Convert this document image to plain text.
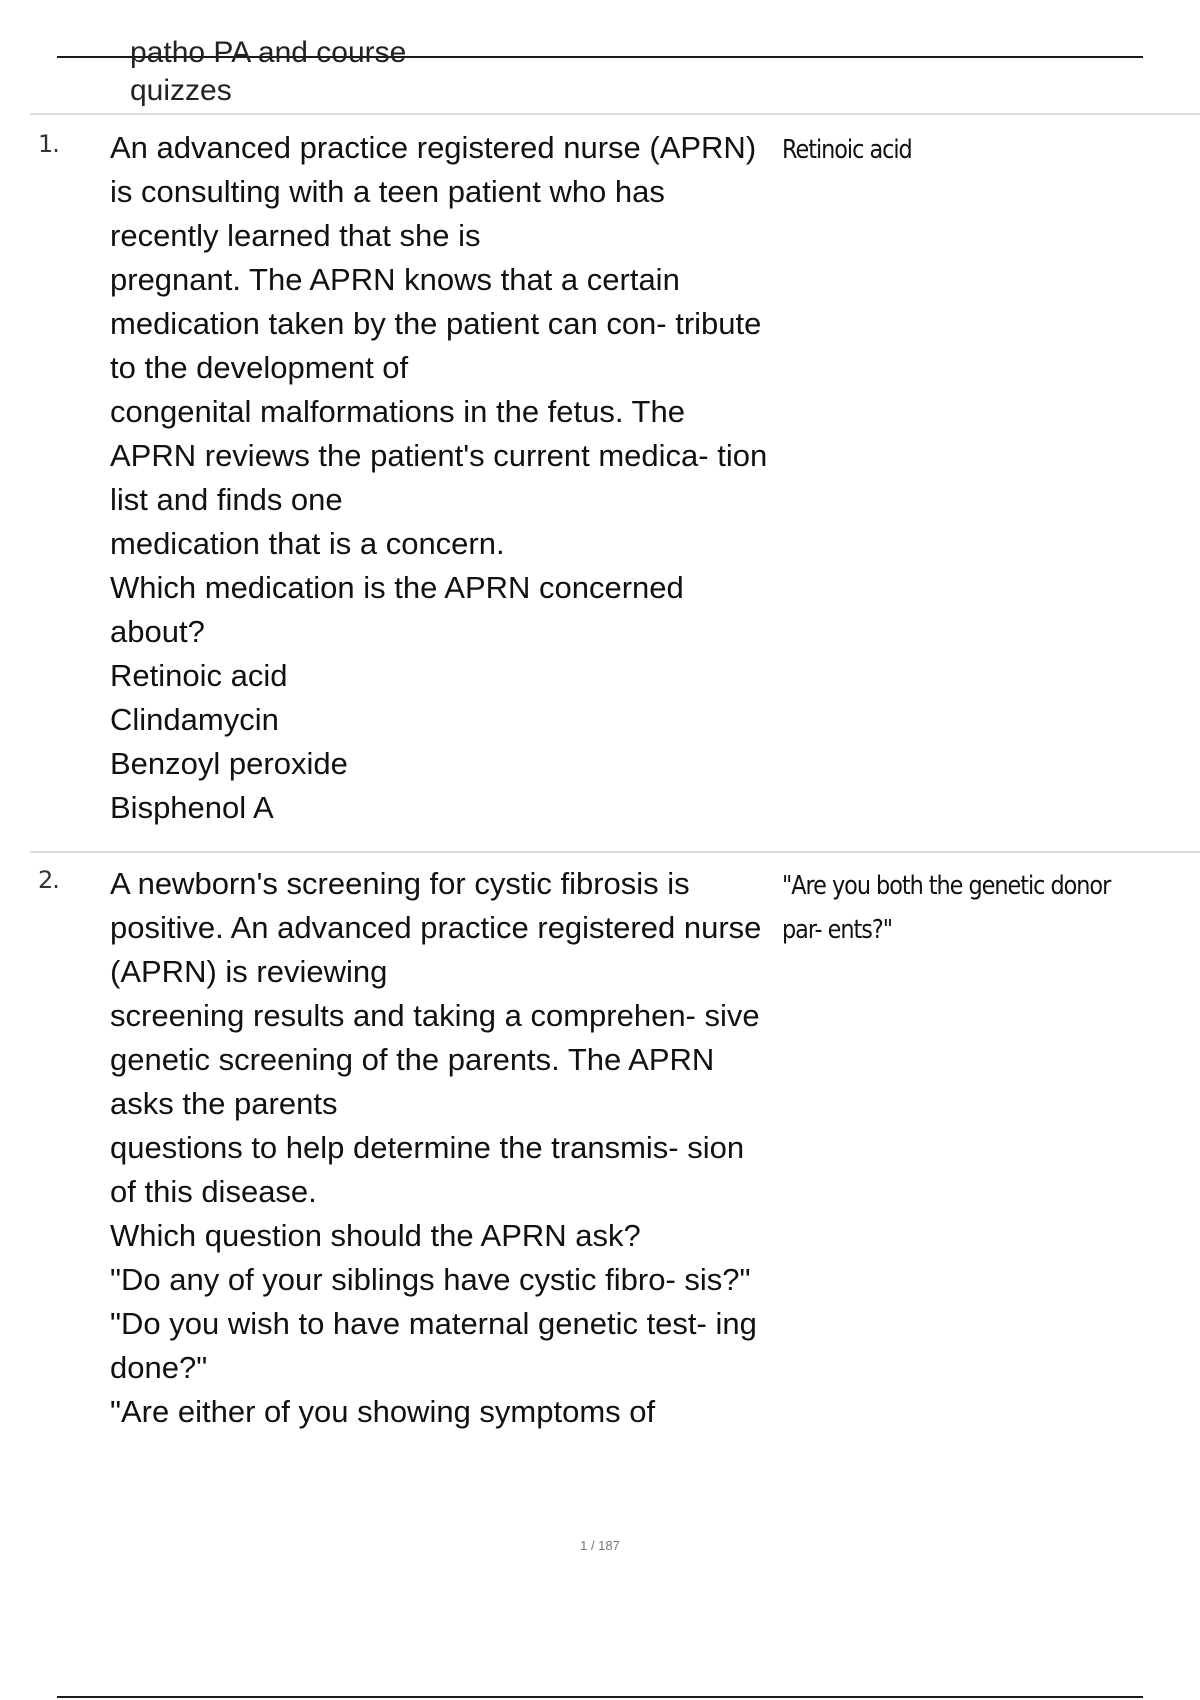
patho PA and course quizzes
1. An advanced practice registered nurse (APRN) is consulting with a teen patient who has recently learned that she is

pregnant. The APRN knows that a certain medication taken by the patient can con- tribute to the development of

congenital malformations in the fetus. The APRN reviews the patient's current medica- tion list and finds one

medication that is a concern.

Which medication is the APRN concerned about?

Retinoic acid

Clindamycin

Benzoyl peroxide

Bisphenol A

Retinoic acid
2. A newborn's screening for cystic fibrosis is positive. An advanced practice registered nurse (APRN) is reviewing

screening results and taking a comprehen- sive genetic screening of the parents. The APRN asks the parents

questions to help determine the transmis- sion of this disease.

Which question should the APRN ask?

"Do any of your siblings have cystic fibro- sis?"

"Do you wish to have maternal genetic test- ing done?"

"Are either of you showing symptoms of

"Are you both the genetic donor par- ents?"
1 / 187
